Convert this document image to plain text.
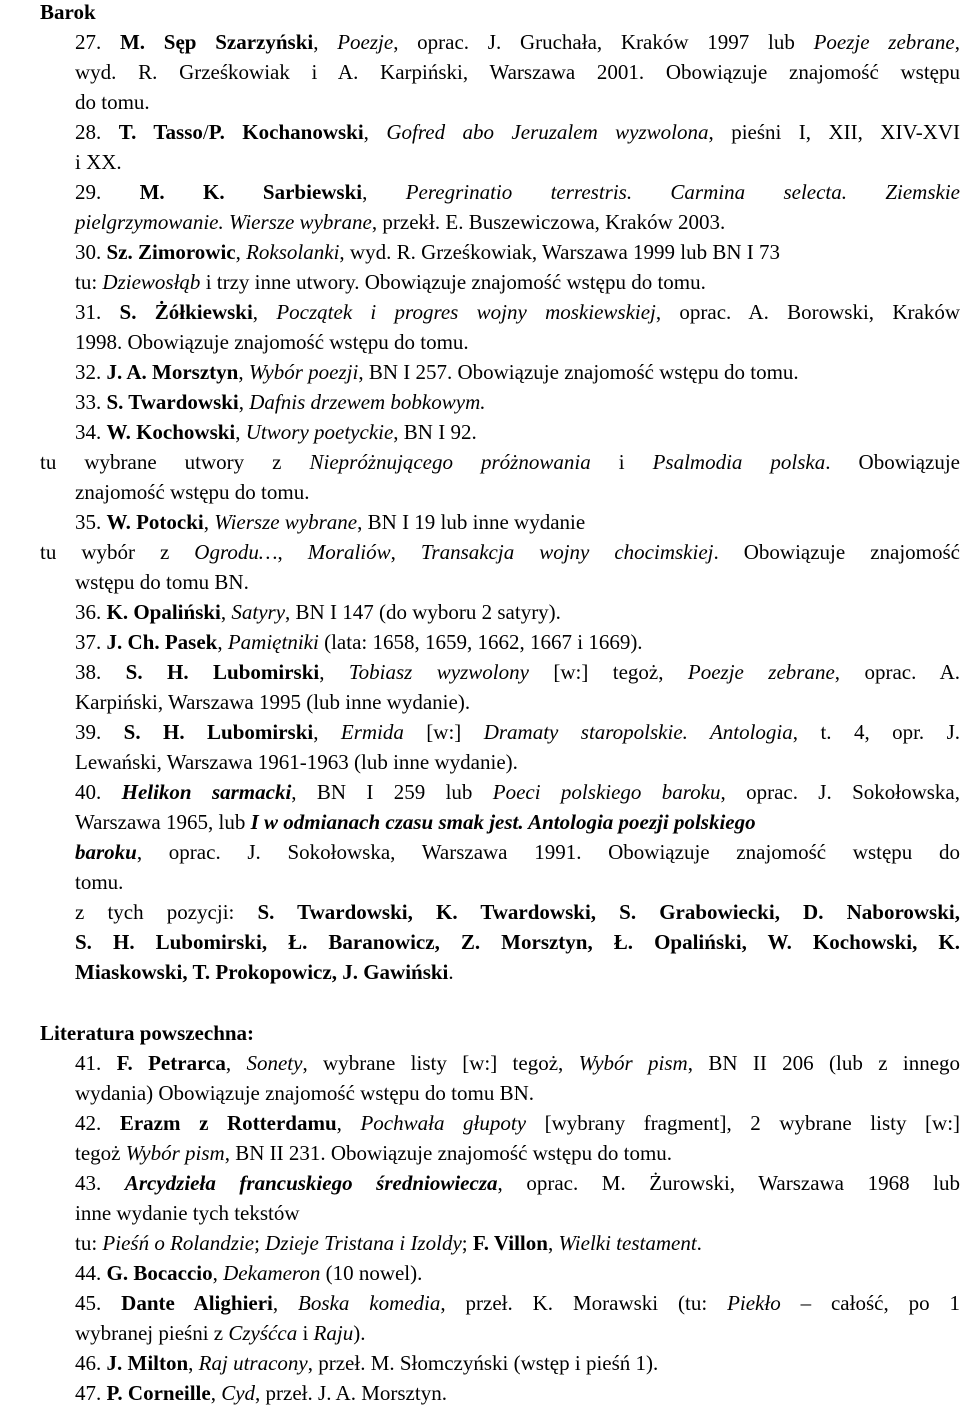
Barok
27. M. Sęp Szarzyński, Poezje, oprac. J. Gruchała, Kraków 1997 lub Poezje zebrane,
wyd. R. Grześkowiak i A. Karpiński, Warszawa 2001. Obowiązuje znajomość wstępu
do tomu.
28. T. Tasso/P. Kochanowski, Gofred abo Jeruzalem wyzwolona, pieśni I, XII, XIV-XVI
i XX.
29. M. K. Sarbiewski, Peregrinatio terrestris. Carmina selecta. Ziemskie
pielgrzymowanie. Wiersze wybrane, przekł. E. Buszewiczowa, Kraków 2003.
30. Sz. Zimorowic, Roksolanki, wyd. R. Grześkowiak, Warszawa 1999 lub BN I 73
tu: Dziewosłąb i trzy inne utwory. Obowiązuje znajomość wstępu do tomu.
31. S. Żółkiewski, Początek i progres wojny moskiewskiej, oprac. A. Borowski, Kraków
1998. Obowiązuje znajomość wstępu do tomu.
32. J. A. Morsztyn, Wybór poezji, BN I 257. Obowiązuje znajomość wstępu do tomu.
33. S. Twardowski, Dafnis drzewem bobkowym.
34. W. Kochowski, Utwory poetyckie, BN I 92.
tu wybrane utwory z Niepróżnującego próżnowania i Psalmodia polska. Obowiązuje
znajomość wstępu do tomu.
35. W. Potocki, Wiersze wybrane, BN I 19 lub inne wydanie
tu wybór z Ogrodu…, Moraliów, Transakcja wojny chocimskiej. Obowiązuje znajomość
wstępu do tomu BN.
36. K. Opaliński, Satyry, BN I 147 (do wyboru 2 satyry).
37. J. Ch. Pasek, Pamiętniki (lata: 1658, 1659, 1662, 1667 i 1669).
38. S. H. Lubomirski, Tobiasz wyzwolony [w:] tegoż, Poezje zebrane, oprac. A.
Karpiński, Warszawa 1995 (lub inne wydanie).
39. S. H. Lubomirski, Ermida [w:] Dramaty staropolskie. Antologia, t. 4, opr. J.
Lewański, Warszawa 1961-1963 (lub inne wydanie).
40. Helikon sarmacki, BN I 259 lub Poeci polskiego baroku, oprac. J. Sokołowska,
Warszawa 1965, lub I w odmianach czasu smak jest. Antologia poezji polskiego
baroku, oprac. J. Sokołowska, Warszawa 1991. Obowiązuje znajomość wstępu do
tomu.
z tych pozycji: S. Twardowski, K. Twardowski, S. Grabowiecki, D. Naborowski,
S. H. Lubomirski, Ł. Baranowicz, Z. Morsztyn, Ł. Opaliński, W. Kochowski, K.
Miaskowski, T. Prokopowicz, J. Gawiński.
Literatura powszechna:
41. F. Petrarca, Sonety, wybrane listy [w:] tegoż, Wybór pism, BN II 206 (lub z innego
wydania) Obowiązuje znajomość wstępu do tomu BN.
42. Erazm z Rotterdamu, Pochwała głupoty [wybrany fragment], 2 wybrane listy [w:]
tegoż Wybór pism, BN II 231. Obowiązuje znajomość wstępu do tomu.
43. Arcydzieła francuskiego średniowiecza, oprac. M. Żurowski, Warszawa 1968 lub
inne wydanie tych tekstów
tu: Pieśń o Rolandzie; Dzieje Tristana i Izoldy; F. Villon, Wielki testament.
44. G. Bocaccio, Dekameron (10 nowel).
45. Dante Alighieri, Boska komedia, przeł. K. Morawski (tu: Piekło – całość, po 1
wybranej pieśni z Czyśćca i Raju).
46. J. Milton, Raj utracony, przeł. M. Słomczyński (wstęp i pieśń 1).
47. P. Corneille, Cyd, przeł. J. A. Morsztyn.
